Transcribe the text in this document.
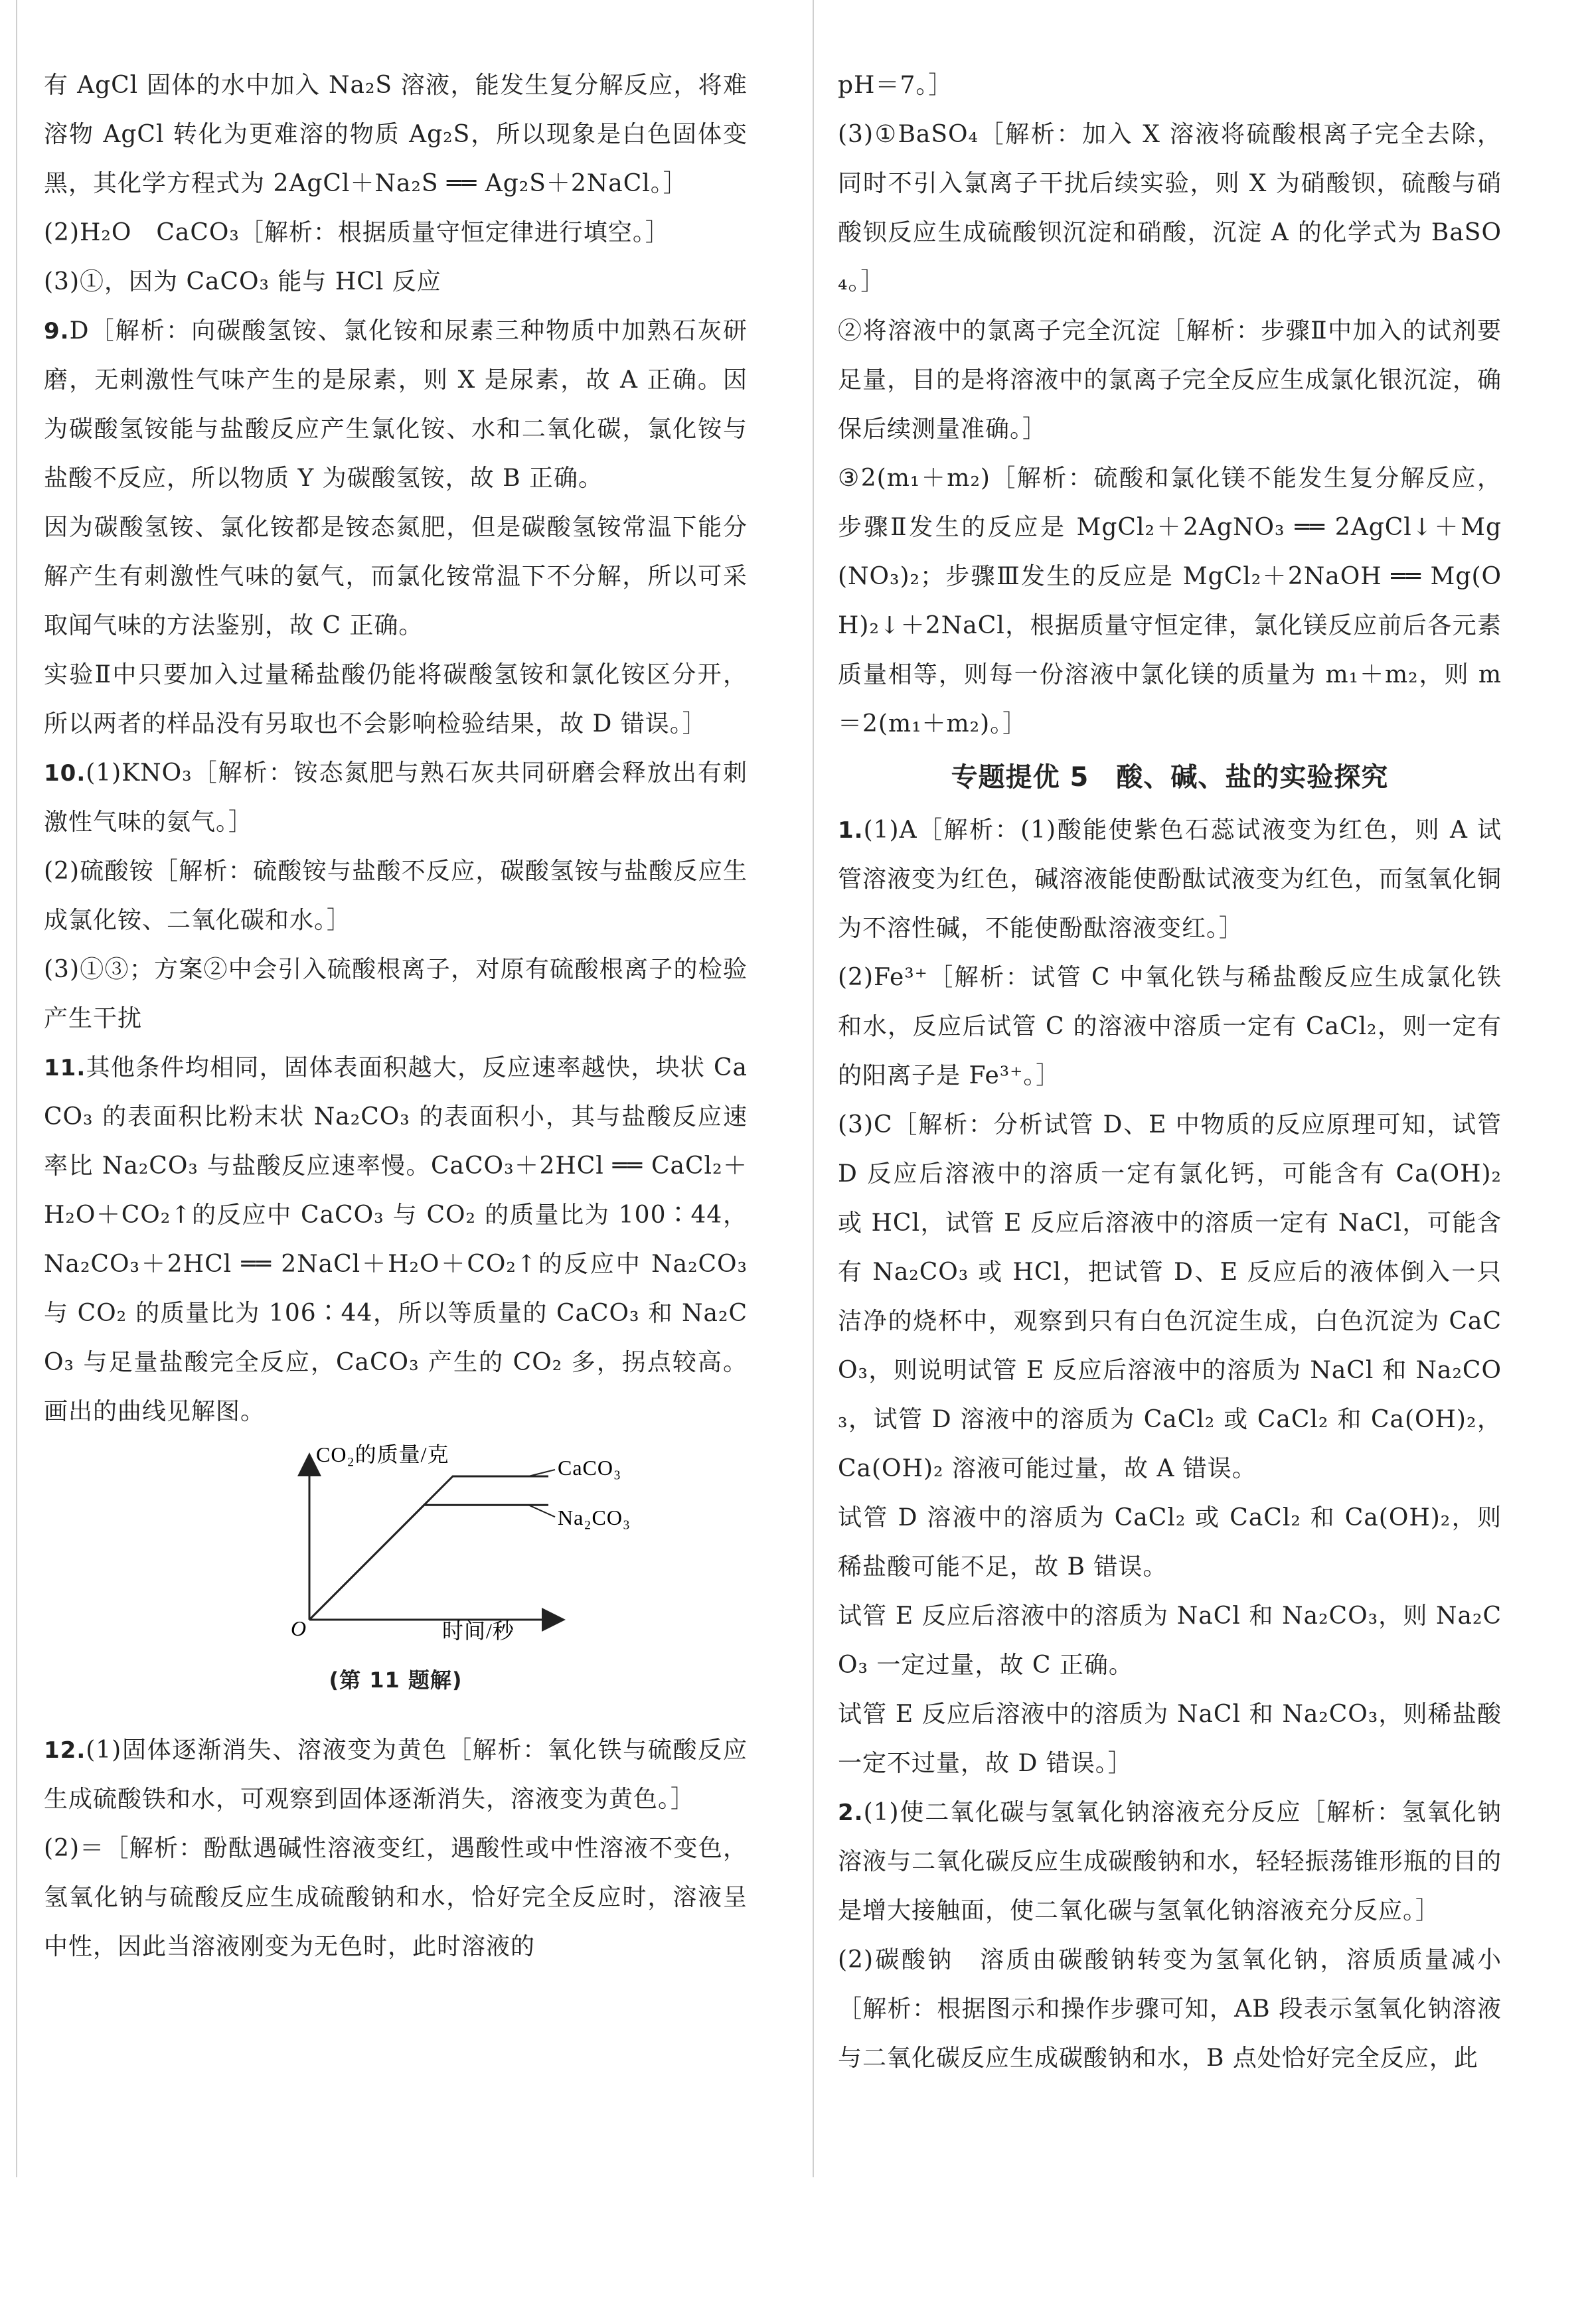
有 AgCl 固体的水中加入 Na₂S 溶液，能发生复分解反应，将难溶物 AgCl 转化为更难溶的物质 Ag₂S，所以现象是白色固体变黑，其化学方程式为 2AgCl＋Na₂S ══ Ag₂S＋2NaCl。］

(2)H₂O　CaCO₃［解析：根据质量守恒定律进行填空。］

(3)①，因为 CaCO₃ 能与 HCl 反应

9.D［解析：向碳酸氢铵、氯化铵和尿素三种物质中加熟石灰研磨，无刺激性气味产生的是尿素，则 X 是尿素，故 A 正确。因为碳酸氢铵能与盐酸反应产生氯化铵、水和二氧化碳，氯化铵与盐酸不反应，所以物质 Y 为碳酸氢铵，故 B 正确。

因为碳酸氢铵、氯化铵都是铵态氮肥，但是碳酸氢铵常温下能分解产生有刺激性气味的氨气，而氯化铵常温下不分解，所以可采取闻气味的方法鉴别，故 C 正确。

实验Ⅱ中只要加入过量稀盐酸仍能将碳酸氢铵和氯化铵区分开，所以两者的样品没有另取也不会影响检验结果，故 D 错误。］

10.(1)KNO₃［解析：铵态氮肥与熟石灰共同研磨会释放出有刺激性气味的氨气。］

(2)硫酸铵［解析：硫酸铵与盐酸不反应，碳酸氢铵与盐酸反应生成氯化铵、二氧化碳和水。］

(3)①③；方案②中会引入硫酸根离子，对原有硫酸根离子的检验产生干扰

11.其他条件均相同，固体表面积越大，反应速率越快，块状 CaCO₃ 的表面积比粉末状 Na₂CO₃ 的表面积小，其与盐酸反应速率比 Na₂CO₃ 与盐酸反应速率慢。CaCO₃＋2HCl ══ CaCl₂＋H₂O＋CO₂↑的反应中 CaCO₃ 与 CO₂ 的质量比为 100∶44，Na₂CO₃＋2HCl ══ 2NaCl＋H₂O＋CO₂↑的反应中 Na₂CO₃ 与 CO₂ 的质量比为 106∶44，所以等质量的 CaCO₃ 和 Na₂CO₃ 与足量盐酸完全反应，CaCO₃ 产生的 CO₂ 多，拐点较高。画出的曲线见解图。

CO₂的质量/克
时间/秒
O
CaCO₃
Na₂CO₃

(第 11 题解)

12.(1)固体逐渐消失、溶液变为黄色［解析：氧化铁与硫酸反应生成硫酸铁和水，可观察到固体逐渐消失，溶液变为黄色。］

(2)＝［解析：酚酞遇碱性溶液变红，遇酸性或中性溶液不变色，氢氧化钠与硫酸反应生成硫酸钠和水，恰好完全反应时，溶液呈中性，因此当溶液刚变为无色时，此时溶液的

pH＝7。］

(3)①BaSO₄［解析：加入 X 溶液将硫酸根离子完全去除，同时不引入氯离子干扰后续实验，则 X 为硝酸钡，硫酸与硝酸钡反应生成硫酸钡沉淀和硝酸，沉淀 A 的化学式为 BaSO₄。］

②将溶液中的氯离子完全沉淀［解析：步骤Ⅱ中加入的试剂要足量，目的是将溶液中的氯离子完全反应生成氯化银沉淀，确保后续测量准确。］

③2(m₁＋m₂)［解析：硫酸和氯化镁不能发生复分解反应，步骤Ⅱ发生的反应是 MgCl₂＋2AgNO₃ ══ 2AgCl↓＋Mg(NO₃)₂；步骤Ⅲ发生的反应是 MgCl₂＋2NaOH ══ Mg(OH)₂↓＋2NaCl，根据质量守恒定律，氯化镁反应前后各元素质量相等，则每一份溶液中氯化镁的质量为 m₁＋m₂，则 m＝2(m₁＋m₂)。］

专题提优 5　酸、碱、盐的实验探究

1.(1)A［解析：(1)酸能使紫色石蕊试液变为红色，则 A 试管溶液变为红色，碱溶液能使酚酞试液变为红色，而氢氧化铜为不溶性碱，不能使酚酞溶液变红。］

(2)Fe³⁺［解析：试管 C 中氧化铁与稀盐酸反应生成氯化铁和水，反应后试管 C 的溶液中溶质一定有 CaCl₂，则一定有的阳离子是 Fe³⁺。］

(3)C［解析：分析试管 D、E 中物质的反应原理可知，试管 D 反应后溶液中的溶质一定有氯化钙，可能含有 Ca(OH)₂ 或 HCl，试管 E 反应后溶液中的溶质一定有 NaCl，可能含有 Na₂CO₃ 或 HCl，把试管 D、E 反应后的液体倒入一只洁净的烧杯中，观察到只有白色沉淀生成，白色沉淀为 CaCO₃，则说明试管 E 反应后溶液中的溶质为 NaCl 和 Na₂CO₃，试管 D 溶液中的溶质为 CaCl₂ 或 CaCl₂ 和 Ca(OH)₂，Ca(OH)₂ 溶液可能过量，故 A 错误。

试管 D 溶液中的溶质为 CaCl₂ 或 CaCl₂ 和 Ca(OH)₂，则稀盐酸可能不足，故 B 错误。

试管 E 反应后溶液中的溶质为 NaCl 和 Na₂CO₃，则 Na₂CO₃ 一定过量，故 C 正确。

试管 E 反应后溶液中的溶质为 NaCl 和 Na₂CO₃，则稀盐酸一定不过量，故 D 错误。］

2.(1)使二氧化碳与氢氧化钠溶液充分反应［解析：氢氧化钠溶液与二氧化碳反应生成碳酸钠和水，轻轻振荡锥形瓶的目的是增大接触面，使二氧化碳与氢氧化钠溶液充分反应。］

(2)碳酸钠　溶质由碳酸钠转变为氢氧化钠，溶质质量减小［解析：根据图示和操作步骤可知，AB 段表示氢氧化钠溶液与二氧化碳反应生成碳酸钠和水，B 点处恰好完全反应，此
